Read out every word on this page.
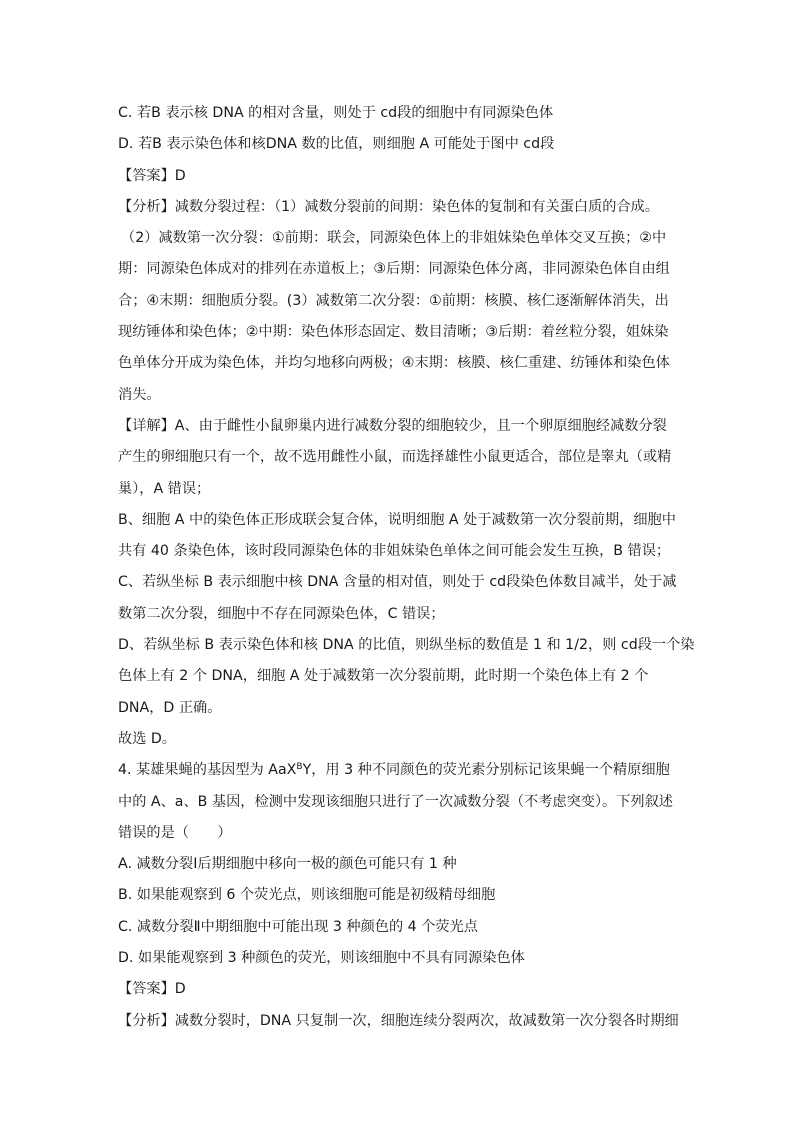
C. 若B 表示核 DNA 的相对含量，则处于 cd段的细胞中有同源染色体
D. 若B 表示染色体和核DNA 数的比值，则细胞 A 可能处于图中 cd段
【答案】D
【分析】减数分裂过程：（1）减数分裂前的间期：染色体的复制和有关蛋白质的合成。
（2）减数第一次分裂：①前期：联会，同源染色体上的非姐妹染色单体交叉互换；②中
期：同源染色体成对的排列在赤道板上；③后期：同源染色体分离，非同源染色体自由组
合；④末期：细胞质分裂。(3）减数第二次分裂：①前期：核膜、核仁逐渐解体消失，出
现纺锤体和染色体；②中期：染色体形态固定、数目清晰；③后期：着丝粒分裂，姐妹染
色单体分开成为染色体，并均匀地移向两极；④末期：核膜、核仁重建、纺锤体和染色体
消失。
【详解】A、由于雌性小鼠卵巢内进行减数分裂的细胞较少，且一个卵原细胞经减数分裂
产生的卵细胞只有一个，故不选用雌性小鼠，而选择雄性小鼠更适合，部位是睾丸（或精
巢），A 错误；
B、细胞 A 中的染色体正形成联会复合体，说明细胞 A 处于减数第一次分裂前期，细胞中
共有 40 条染色体，该时段同源染色体的非姐妹染色单体之间可能会发生互换，B 错误；
C、若纵坐标 B 表示细胞中核 DNA 含量的相对值，则处于 cd段染色体数目减半，处于减
数第二次分裂，细胞中不存在同源染色体，C 错误；
D、若纵坐标 B 表示染色体和核 DNA 的比值，则纵坐标的数值是 1 和 1/2，则 cd段一个染
色体上有 2 个 DNA，细胞 A 处于减数第一次分裂前期，此时期一个染色体上有 2 个
DNA，D 正确。
故选 D。
4. 某雄果蝇的基因型为 AaX$^B$Y，用 3 种不同颜色的荧光素分别标记该果蝇一个精原细胞
中的 A、a、B 基因，检测中发现该细胞只进行了一次减数分裂（不考虑突变）。下列叙述
错误的是（　　）
A. 减数分裂Ⅰ后期细胞中移向一极的颜色可能只有 1 种
B. 如果能观察到 6 个荧光点，则该细胞可能是初级精母细胞
C. 减数分裂Ⅱ中期细胞中可能出现 3 种颜色的 4 个荧光点
D. 如果能观察到 3 种颜色的荧光，则该细胞中不具有同源染色体
【答案】D
【分析】减数分裂时，DNA 只复制一次，细胞连续分裂两次，故减数第一次分裂各时期细
